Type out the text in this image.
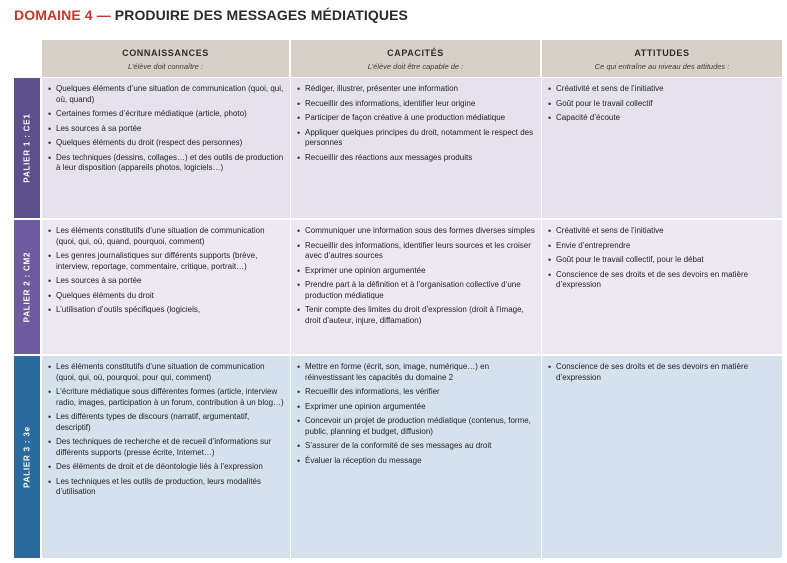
DOMAINE 4 — PRODUIRE DES MESSAGES MÉDIATIQUES
CONNAISSANCES
L’élève doit connaître :
CAPACITÉS
L’élève doit être capable de :
ATTITUDES
Ce qui entraîne au niveau des attitudes :
PALIER 1 : CE1
• Quelques éléments d’une situation de communication (quoi, qui, où, quand)
• Certaines formes d’écriture médiatique (article, photo)
• Les sources à sa portée
• Quelques éléments du droit (respect des personnes)
• Des techniques (dessins, collages…) et des outils de production à leur disposition (appareils photos, logiciels…)
• Rédiger, illustrer, présenter une information
• Recueillir des informations, identifier leur origine
• Participer de façon créative à une production médiatique
• Appliquer quelques principes du droit, notamment le respect des personnes
• Recueillir des réactions aux messages produits
• Créativité et sens de l’initiative
• Goût pour le travail collectif
• Capacité d’écoute
PALIER 2 : CM2
• Les éléments constitutifs d’une situation de communication (quoi, qui, où, quand, pourquoi, comment)
• Les genres journalistiques sur différents supports (brève, interview, reportage, commentaire, critique, portrait…)
• Les sources à sa portée
• Quelques éléments du droit
• L’utilisation d’outils spécifiques (logiciels,
• Communiquer une information sous des formes diverses simples
• Recueillir des informations, identifier leurs sources et les croiser avec d’autres sources
• Exprimer une opinion argumentée
• Prendre part à la définition et à l’organisation collective d’une production médiatique
• Tenir compte des limites du droit d’expression (droit à l’image, droit d’auteur, injure, diffamation)
• Créativité et sens de l’initiative
• Envie d’entreprendre
• Goût pour le travail collectif, pour le débat
• Conscience de ses droits et de ses devoirs en matière d’expression
PALIER 3 : 3e
• Les éléments constitutifs d’une situation de communication (quoi, qui, où, pourquoi, pour qui, comment)
• L’écriture médiatique sous différentes formes (article, interview radio, images, participation à un forum, contribution à un blog…)
• Les différents types de discours (narratif, argumentatif, descriptif)
• Des techniques de recherche et de recueil d’informations sur différents supports (presse écrite, Internet…)
• Des éléments de droit et de déontologie liés à l’expression
• Les techniques et les outils de production, leurs modalités d’utilisation
• Mettre en forme (écrit, son, image, numérique…) en réinvestissant les capacités du domaine 2
• Recueillir des informations, les vérifier
• Exprimer une opinion argumentée
• Concevoir un projet de production médiatique (contenus, forme, public, planning et budget, diffusion)
• S’assurer de la conformité de ses messages au droit
• Évaluer la réception du message
• Conscience de ses droits et de ses devoirs en matière d’expression
